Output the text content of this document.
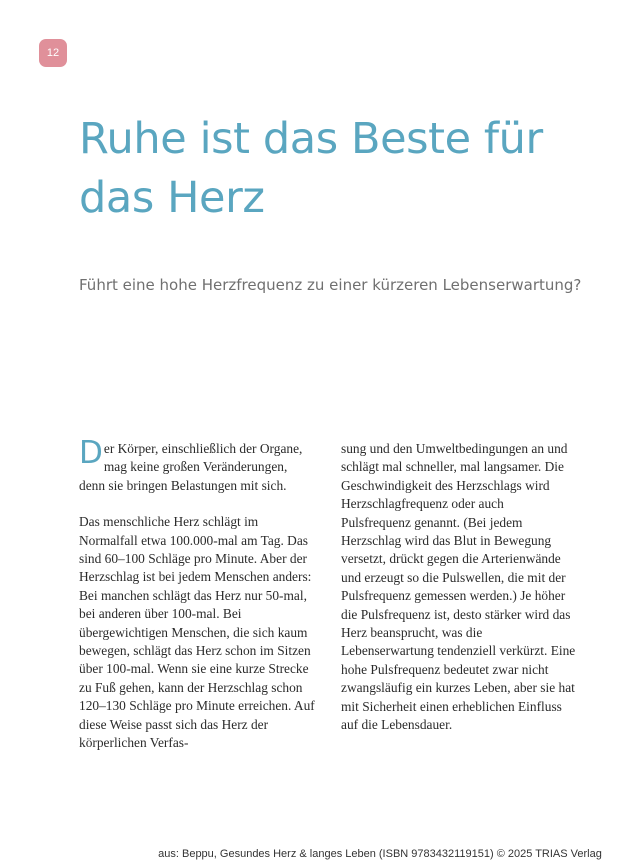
12
Ruhe ist das Beste für das Herz
Führt eine hohe Herzfrequenz zu einer kürzeren Lebenserwartung?

Der Körper, einschließlich der Organe, mag keine großen Veränderungen, denn sie bringen Belastungen mit sich.

Das menschliche Herz schlägt im Normalfall etwa 100.000-mal am Tag. Das sind 60–100 Schläge pro Minute. Aber der Herzschlag ist bei jedem Menschen anders: Bei manchen schlägt das Herz nur 50-mal, bei anderen über 100-mal. Bei übergewichtigen Menschen, die sich kaum bewegen, schlägt das Herz schon im Sitzen über 100-mal. Wenn sie eine kurze Strecke zu Fuß gehen, kann der Herzschlag schon 120–130 Schläge pro Minute erreichen. Auf diese Weise passt sich das Herz der körperlichen Verfas-

sung und den Umweltbedingungen an und schlägt mal schneller, mal langsamer. Die Geschwindigkeit des Herzschlags wird Herzschlagfrequenz oder auch Pulsfrequenz genannt. (Bei jedem Herzschlag wird das Blut in Bewegung versetzt, drückt gegen die Arterienwände und erzeugt so die Pulswellen, die mit der Pulsfrequenz gemessen werden.) Je höher die Pulsfrequenz ist, desto stärker wird das Herz beansprucht, was die Lebenserwartung tendenziell verkürzt. Eine hohe Pulsfrequenz bedeutet zwar nicht zwangsläufig ein kurzes Leben, aber sie hat mit Sicherheit einen erheblichen Einfluss auf die Lebensdauer.

aus: Beppu, Gesundes Herz & langes Leben (ISBN 9783432119151) © 2025 TRIAS Verlag
